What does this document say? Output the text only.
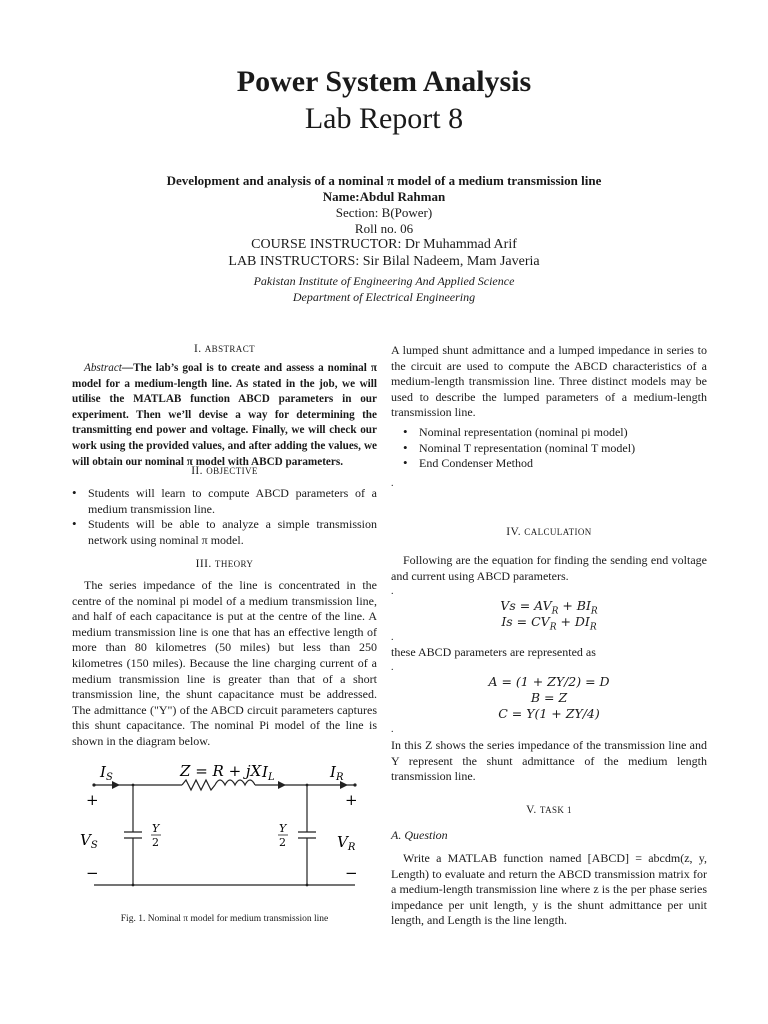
Power System Analysis
Lab Report 8
Development and analysis of a nominal π model of a medium transmission line
Name:Abdul Rahman
Section: B(Power)
Roll no. 06
COURSE INSTRUCTOR: Dr Muhammad Arif
LAB INSTRUCTORS: Sir Bilal Nadeem, Mam Javeria
Pakistan Institute of Engineering And Applied Science
Department of Electrical Engineering
I. ABSTRACT
Abstract—The lab’s goal is to create and assess a nominal π model for a medium-length line. As stated in the job, we will utilise the MATLAB function ABCD parameters in our experiment. Then we’ll devise a way for determining the transmitting end power and voltage. Finally, we will check our work using the provided values, and after adding the values, we will obtain our nominal π model with ABCD parameters.
II. OBJECTIVE
• Students will learn to compute ABCD parameters of a medium transmission line.
• Students will be able to analyze a simple transmission network using nominal π model.
III. THEORY
The series impedance of the line is concentrated in the centre of the nominal pi model of a medium transmission line, and half of each capacitance is put at the centre of the line. A medium transmission line is one that has an effective length of more than 80 kilometres (50 miles) but less than 250 kilometres (150 miles). Because the line charging current of a medium transmission line is greater than that of a short transmission line, the shunt capacitance must be addressed. The admittance ("Y") of the ABCD circuit parameters captures this shunt capacitance. The nominal Pi model of the line is shown in the diagram below.
$I_S$	Z = R + jX $I_L$	$I_R$
+	+
$V_S$	$V_R$
Y
2
Y
2
−	−
Fig. 1. Nominal π model for medium transmission line
A lumped shunt admittance and a lumped impedance in series to the circuit are used to compute the ABCD characteristics of a medium-length transmission line. Three distinct models may be used to describe the lumped parameters of a medium-length transmission line.
• Nominal representation (nominal pi model)
• Nominal T representation (nominal T model)
• End Condenser Method
.
IV. CALCULATION
Following are the equation for finding the sending end voltage and current using ABCD parameters.
.
$Vs = AV_R + BI_R$
$Is = CV_R + DI_R$
.
these ABCD parameters are represented as
.
A = (1 + ZY/2) = D
B = Z
C = Y(1 + ZY/4)
.
In this Z shows the series impedance of the transmission line and Y represent the shunt admittance of the medium length transmission line.
V. TASK 1
A. Question
Write a MATLAB function named [ABCD] = abcdm(z, y, Length) to evaluate and return the ABCD transmission matrix for a medium-length transmission line where z is the per phase series impedance per unit length, y is the shunt admittance per unit length, and Length is the line length.
